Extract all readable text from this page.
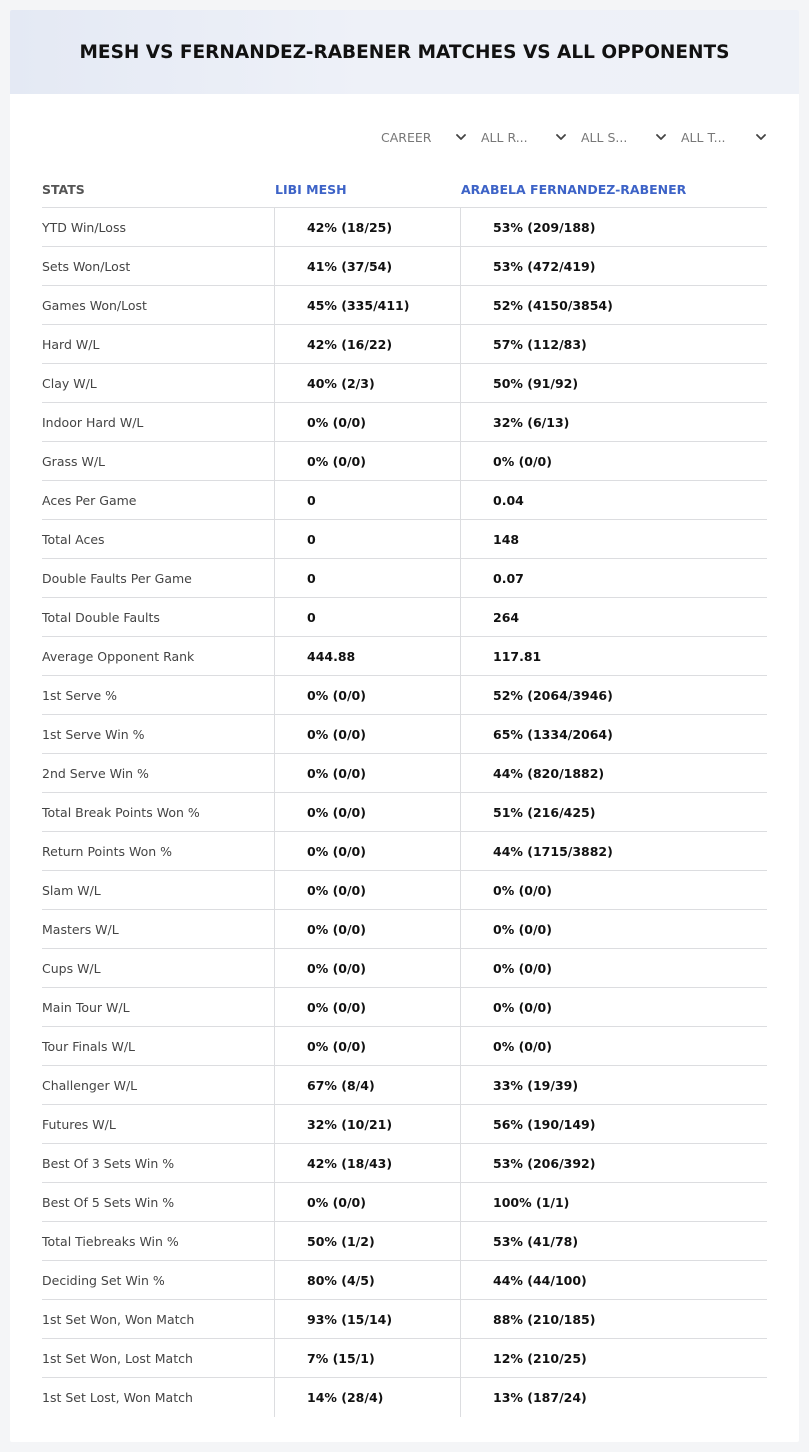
MESH VS FERNANDEZ-RABENER MATCHES VS ALL OPPONENTS
CAREER	ALL R...	ALL S...	ALL T...
STATS	LIBI MESH	ARABELA FERNANDEZ-RABENER
YTD Win/Loss	42% (18/25)	53% (209/188)
Sets Won/Lost	41% (37/54)	53% (472/419)
Games Won/Lost	45% (335/411)	52% (4150/3854)
Hard W/L	42% (16/22)	57% (112/83)
Clay W/L	40% (2/3)	50% (91/92)
Indoor Hard W/L	0% (0/0)	32% (6/13)
Grass W/L	0% (0/0)	0% (0/0)
Aces Per Game	0	0.04
Total Aces	0	148
Double Faults Per Game	0	0.07
Total Double Faults	0	264
Average Opponent Rank	444.88	117.81
1st Serve %	0% (0/0)	52% (2064/3946)
1st Serve Win %	0% (0/0)	65% (1334/2064)
2nd Serve Win %	0% (0/0)	44% (820/1882)
Total Break Points Won %	0% (0/0)	51% (216/425)
Return Points Won %	0% (0/0)	44% (1715/3882)
Slam W/L	0% (0/0)	0% (0/0)
Masters W/L	0% (0/0)	0% (0/0)
Cups W/L	0% (0/0)	0% (0/0)
Main Tour W/L	0% (0/0)	0% (0/0)
Tour Finals W/L	0% (0/0)	0% (0/0)
Challenger W/L	67% (8/4)	33% (19/39)
Futures W/L	32% (10/21)	56% (190/149)
Best Of 3 Sets Win %	42% (18/43)	53% (206/392)
Best Of 5 Sets Win %	0% (0/0)	100% (1/1)
Total Tiebreaks Win %	50% (1/2)	53% (41/78)
Deciding Set Win %	80% (4/5)	44% (44/100)
1st Set Won, Won Match	93% (15/14)	88% (210/185)
1st Set Won, Lost Match	7% (15/1)	12% (210/25)
1st Set Lost, Won Match	14% (28/4)	13% (187/24)
